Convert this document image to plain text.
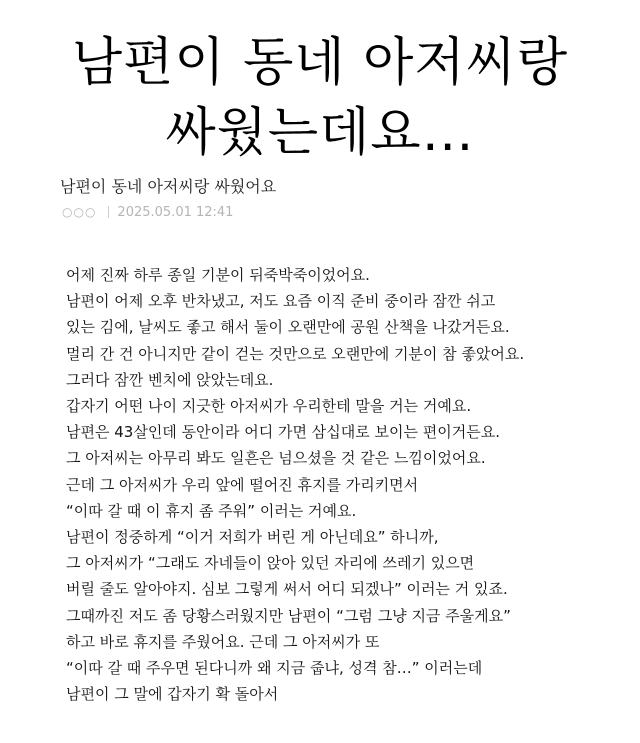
남편이 동네 아저씨랑
싸웠는데요…
남편이 동네 아저씨랑 싸웠어요
○○○ 2025.05.01 12:41

어제 진짜 하루 종일 기분이 뒤죽박죽이었어요.

남편이 어제 오후 반차냈고, 저도 요즘 이직 준비 중이라 잠깐 쉬고

있는 김에, 날씨도 좋고 해서 둘이 오랜만에 공원 산책을 나갔거든요.

멀리 간 건 아니지만 같이 걷는 것만으로 오랜만에 기분이 참 좋았어요.

그러다 잠깐 벤치에 앉았는데요.

갑자기 어떤 나이 지긋한 아저씨가 우리한테 말을 거는 거예요.

남편은 43살인데 동안이라 어디 가면 삼십대로 보이는 편이거든요.

그 아저씨는 아무리 봐도 일흔은 넘으셨을 것 같은 느낌이었어요.

근데 그 아저씨가 우리 앞에 떨어진 휴지를 가리키면서

“이따 갈 때 이 휴지 좀 주워” 이러는 거예요.

남편이 정중하게 “이거 저희가 버린 게 아닌데요” 하니까,

그 아저씨가 “그래도 자네들이 앉아 있던 자리에 쓰레기 있으면

버릴 줄도 알아야지. 심보 그렇게 써서 어디 되겠나” 이러는 거 있죠.

그때까진 저도 좀 당황스러웠지만 남편이 “그럼 그냥 지금 주울게요”

하고 바로 휴지를 주웠어요. 근데 그 아저씨가 또

“이따 갈 때 주우면 된다니까 왜 지금 줍냐, 성격 참…” 이러는데

남편이 그 말에 갑자기 확 돌아서
